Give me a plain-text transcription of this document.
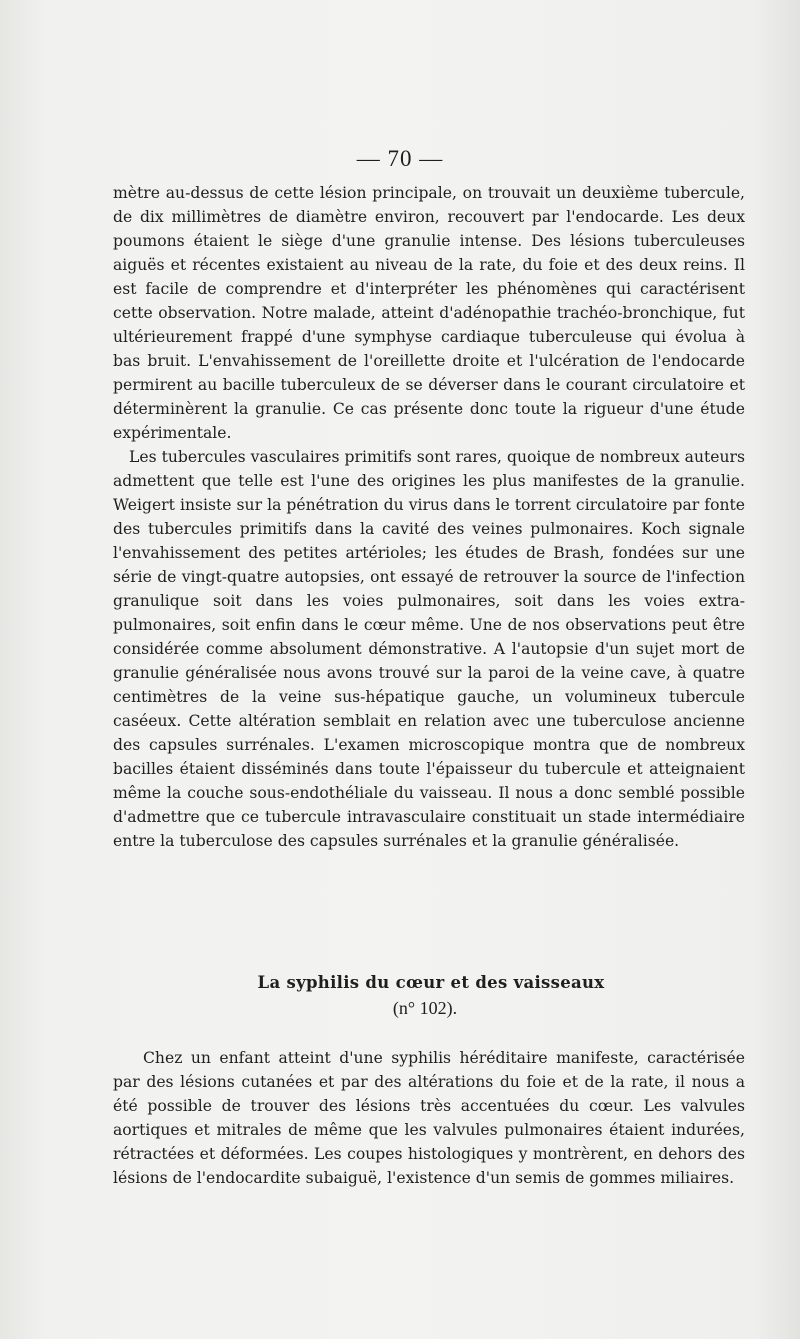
— 70 —

mètre au-dessus de cette lésion principale, on trouvait un deuxième tubercule, de dix millimètres de diamètre environ, recouvert par l'endocarde. Les deux poumons étaient le siège d'une granulie intense. Des lésions tuberculeuses aiguës et récentes existaient au niveau de la rate, du foie et des deux reins. Il est facile de comprendre et d'interpréter les phénomènes qui caractérisent cette observation. Notre malade, atteint d'adénopathie trachéo-bronchique, fut ultérieurement frappé d'une symphyse cardiaque tuberculeuse qui évolua à bas bruit. L'envahissement de l'oreillette droite et l'ulcération de l'endocarde permirent au bacille tuberculeux de se déverser dans le courant circulatoire et déterminèrent la granulie. Ce cas présente donc toute la rigueur d'une étude expérimentale.

Les tubercules vasculaires primitifs sont rares, quoique de nombreux auteurs admettent que telle est l'une des origines les plus manifestes de la granulie. Weigert insiste sur la pénétration du virus dans le torrent circulatoire par fonte des tubercules primitifs dans la cavité des veines pulmonaires. Koch signale l'envahissement des petites artérioles; les études de Brash, fondées sur une série de vingt-quatre autopsies, ont essayé de retrouver la source de l'infection granulique soit dans les voies pulmonaires, soit dans les voies extra-pulmonaires, soit enfin dans le cœur même. Une de nos observations peut être considérée comme absolument démonstrative. A l'autopsie d'un sujet mort de granulie généralisée nous avons trouvé sur la paroi de la veine cave, à quatre centimètres de la veine sus-hépatique gauche, un volumineux tubercule caséeux. Cette altération semblait en relation avec une tuberculose ancienne des capsules surrénales. L'examen microscopique montra que de nombreux bacilles étaient disséminés dans toute l'épaisseur du tubercule et atteignaient même la couche sous-endothéliale du vaisseau. Il nous a donc semblé possible d'admettre que ce tubercule intravasculaire constituait un stade intermédiaire entre la tuberculose des capsules surrénales et la granulie généralisée.

La syphilis du cœur et des vaisseaux
(n° 102).

Chez un enfant atteint d'une syphilis héréditaire manifeste, caractérisée par des lésions cutanées et par des altérations du foie et de la rate, il nous a été possible de trouver des lésions très accentuées du cœur. Les valvules aortiques et mitrales de même que les valvules pulmonaires étaient indurées, rétractées et déformées. Les coupes histologiques y montrèrent, en dehors des lésions de l'endocardite subaiguë, l'existence d'un semis de gommes miliaires.
